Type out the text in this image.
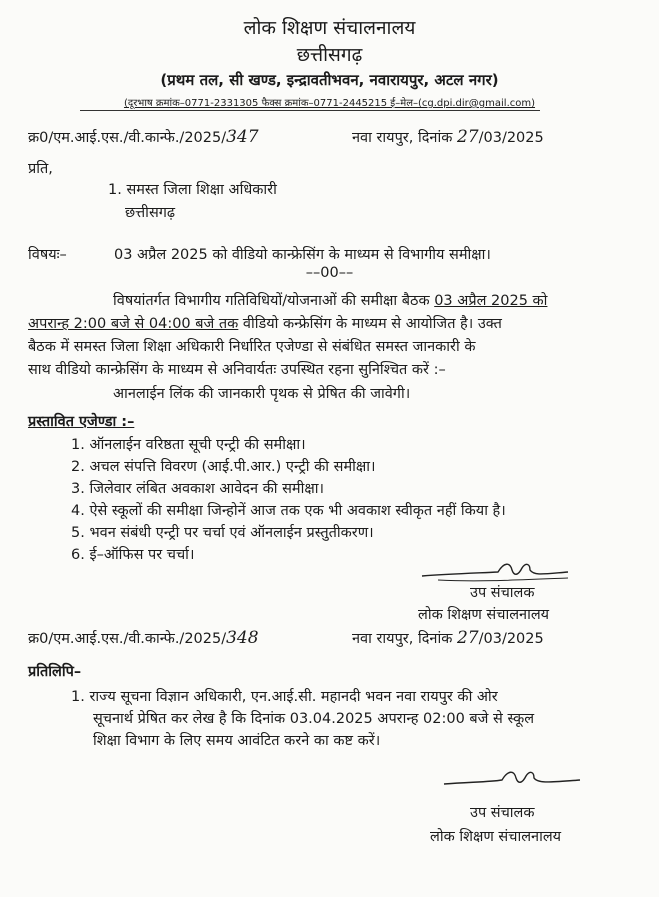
लोक शिक्षण संचालनालय
छत्तीसगढ़
(प्रथम तल, सी खण्ड, इन्द्रावतीभवन, नवारायपुर, अटल नगर)
(दूरभाष क्रमांक–0771-2331305 फैक्स क्रमांक–0771-2445215 ई–मेल–(cg.dpi.dir@gmail.com)
क्र0/एम.आई.एस./वी.कान्फे./2025/347	नवा रायपुर, दिनांक 27/03/2025
प्रति,
1. समस्त जिला शिक्षा अधिकारी
छत्तीसगढ़
विषयः–	03 अप्रैल 2025 को वीडियो कान्फ्रेसिंग के माध्यम से विभागीय समीक्षा।
––00––
विषयांतर्गत विभागीय गतिविधियों/योजनाओं की समीक्षा बैठक 03 अप्रैल 2025 को
अपरान्ह 2:00 बजे से 04:00 बजे तक वीडियो कन्फ्रेसिंग के माध्यम से आयोजित है। उक्त
बैठक में समस्त जिला शिक्षा अधिकारी निर्धारित एजेण्डा से संबंधित समस्त जानकारी के
साथ वीडियो कान्फ्रेसिंग के माध्यम से अनिवार्यतः उपस्थित रहना सुनिश्चित करें :–
आनलाईन लिंक की जानकारी पृथक से प्रेषित की जावेगी।
प्रस्तावित एजेण्डा :–
1. ऑनलाईन वरिष्ठता सूची एन्ट्री की समीक्षा।
2. अचल संपत्ति विवरण (आई.पी.आर.) एन्ट्री की समीक्षा।
3. जिलेवार लंबित अवकाश आवेदन की समीक्षा।
4. ऐसे स्कूलों की समीक्षा जिन्होनें आज तक एक भी अवकाश स्वीकृत नहीं किया है।
5. भवन संबंधी एन्ट्री पर चर्चा एवं ऑनलाईन प्रस्तुतीकरण।
6. ई–ऑफिस पर चर्चा।
उप संचालक
लोक शिक्षण संचालनालय
क्र0/एम.आई.एस./वी.कान्फे./2025/348	नवा रायपुर, दिनांक 27/03/2025
प्रतिलिपि–
1. राज्य सूचना विज्ञान अधिकारी, एन.आई.सी. महानदी भवन नवा रायपुर की ओर
सूचनार्थ प्रेषित कर लेख है कि दिनांक 03.04.2025 अपरान्ह 02:00 बजे से स्कूल
शिक्षा विभाग के लिए समय आवंटित करने का कष्ट करें।
उप संचालक
लोक शिक्षण संचालनालय
